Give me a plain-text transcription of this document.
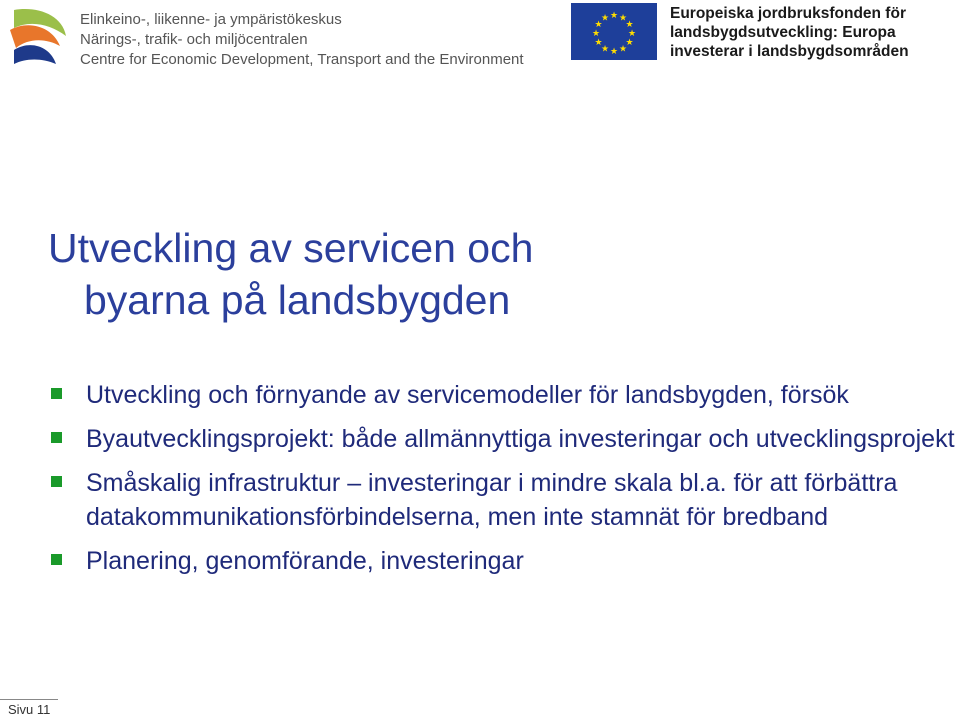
Elinkeino-, liikenne- ja ympäristökeskus
Närings-, trafik- och miljöcentralen
Centre for Economic Development, Transport and the Environment
★ ★
★
★
★
★
★
★
★
★
★
★	Europeiska jordbruksfonden för
landsbygdsutveckling: Europa
investerar i landsbygdsområden
Utveckling av servicen och
byarna på landsbygden
Utveckling och förnyande av servicemodeller för landsbygden, försök
Byautvecklingsprojekt: både allmännyttiga investeringar och utvecklingsprojekt
Småskalig infrastruktur – investeringar i mindre skala bl.a. för att förbättra datakommunikationsförbindelserna, men inte stamnät för bredband
Planering, genomförande, investeringar
Sivu 11
